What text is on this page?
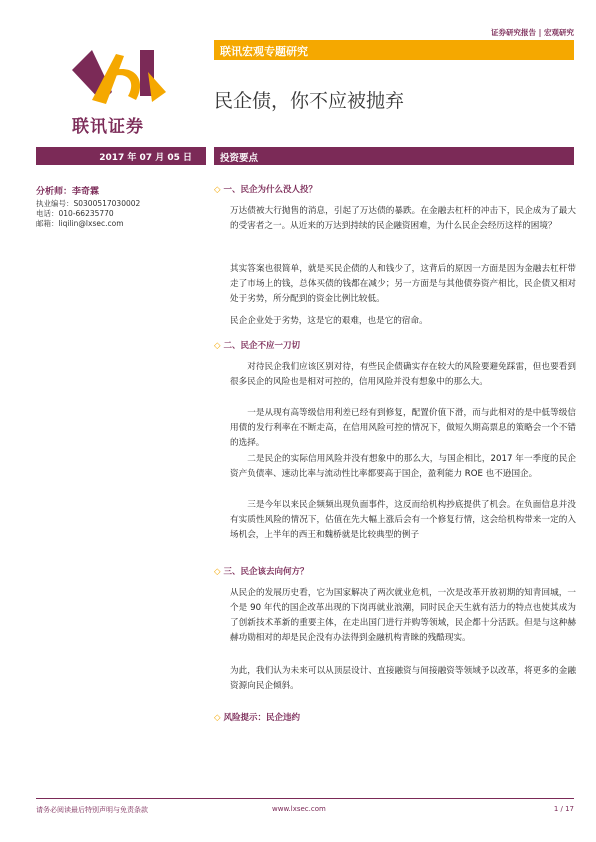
证券研究报告 | 宏观研究
联讯证券
联讯宏观专题研究
民企债，你不应被抛弃
2017 年 07 月 05 日	投资要点
分析师：李奇霖
执业编号：S0300517030002
电话：010-66235770
邮箱：liqilin@lxsec.com
◇ 一、民企为什么没人投？
万达债被大行抛售的消息，引起了万达债的暴跌。在金融去杠杆的冲击下，民企成为了最大的受害者之一。从近来的万达到持续的民企融资困难，为什么民企会经历这样的困境？
其实答案也很简单，就是买民企债的人和钱少了，这背后的原因一方面是因为金融去杠杆带走了市场上的钱，总体买债的钱都在减少；另一方面是与其他债券资产相比，民企债又相对处于劣势，所分配到的资金比例比较低。
民企企业处于劣势，这是它的艰难，也是它的宿命。
◇ 二、民企不应一刀切
对待民企我们应该区别对待，有些民企债确实存在较大的风险要避免踩雷，但也要看到很多民企的风险也是相对可控的，信用风险并没有想象中的那么大。
一是从现有高等级信用利差已经有到修复，配置价值下滑，而与此相对的是中低等级信用债的发行利率在不断走高，在信用风险可控的情况下，做短久期高票息的策略会一个不错的选择。
二是民企的实际信用风险并没有想象中的那么大，与国企相比，2017 年一季度的民企资产负债率、速动比率与流动性比率都要高于国企，盈利能力 ROE 也不逊国企。
三是今年以来民企频频出现负面事件，这反而给机构抄底提供了机会。在负面信息并没有实质性风险的情况下，估值在先大幅上涨后会有一个修复行情，这会给机构带来一定的入场机会，上半年的西王和魏桥就是比较典型的例子
◇ 三、民企该去向何方？
从民企的发展历史看，它为国家解决了两次就业危机，一次是改革开放初期的知青回城，一个是 90 年代的国企改革出现的下岗再就业浪潮，同时民企天生就有活力的特点也使其成为了创新技术革新的重要主体，在走出国门进行并购等领域，民企都十分活跃。但是与这种赫赫功勋相对的却是民企没有办法得到金融机构青睐的残酷现实。
为此，我们认为未来可以从顶层设计、直接融资与间接融资等领域予以改革，将更多的金融资源向民企倾斜。
◇ 风险提示：民企违约
请务必阅读最后特别声明与免责条款	www.lxsec.com	1 / 17
